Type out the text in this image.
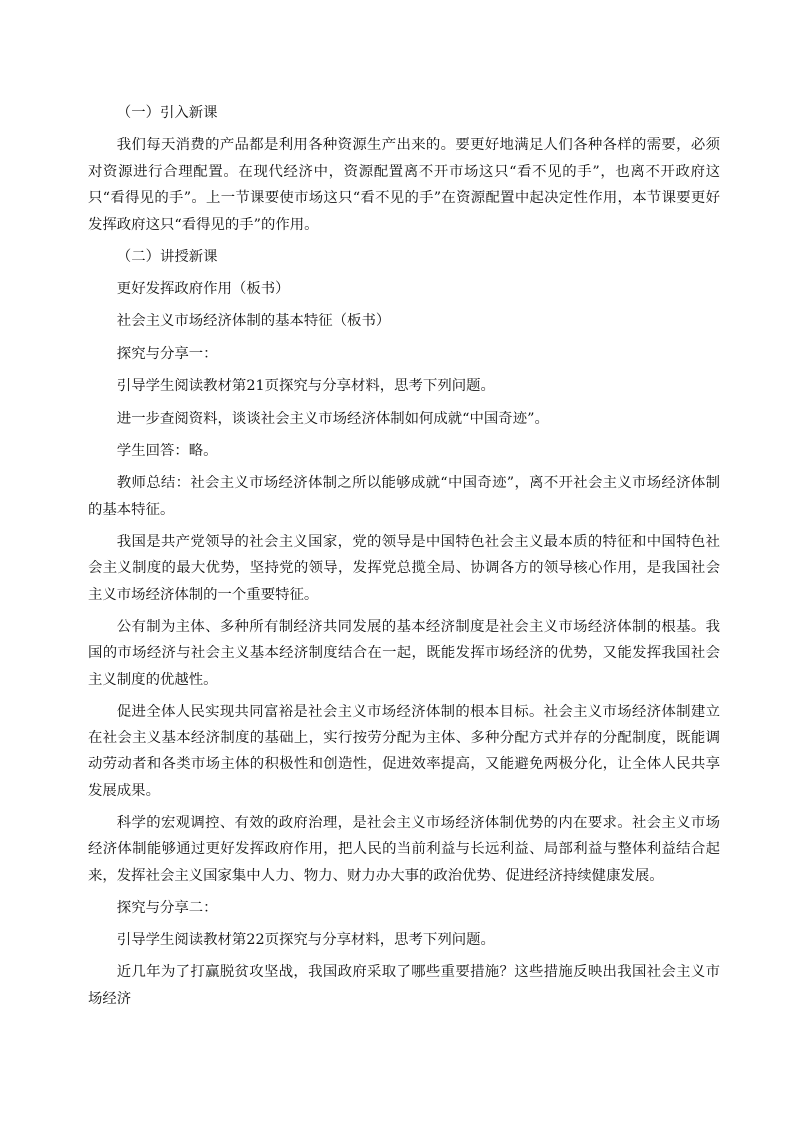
（一）引入新课

我们每天消费的产品都是利用各种资源生产出来的。要更好地满足人们各种各样的需要，必须对资源进行合理配置。在现代经济中，资源配置离不开市场这只“看不见的手”，也离不开政府这只“看得见的手”。上一节课要使市场这只“看不见的手”在资源配置中起决定性作用，本节课要更好发挥政府这只“看得见的手”的作用。

（二）讲授新课

更好发挥政府作用（板书）

社会主义市场经济体制的基本特征（板书）

探究与分享一：

引导学生阅读教材第21页探究与分享材料，思考下列问题。

进一步查阅资料，谈谈社会主义市场经济体制如何成就“中国奇迹”。

学生回答：略。

教师总结：社会主义市场经济体制之所以能够成就“中国奇迹”，离不开社会主义市场经济体制的基本特征。

我国是共产党领导的社会主义国家，党的领导是中国特色社会主义最本质的特征和中国特色社会主义制度的最大优势，坚持党的领导，发挥党总揽全局、协调各方的领导核心作用，是我国社会主义市场经济体制的一个重要特征。

公有制为主体、多种所有制经济共同发展的基本经济制度是社会主义市场经济体制的根基。我国的市场经济与社会主义基本经济制度结合在一起，既能发挥市场经济的优势，又能发挥我国社会主义制度的优越性。

促进全体人民实现共同富裕是社会主义市场经济体制的根本目标。社会主义市场经济体制建立在社会主义基本经济制度的基础上，实行按劳分配为主体、多种分配方式并存的分配制度，既能调动劳动者和各类市场主体的积极性和创造性，促进效率提高，又能避免两极分化，让全体人民共享发展成果。

科学的宏观调控、有效的政府治理，是社会主义市场经济体制优势的内在要求。社会主义市场经济体制能够通过更好发挥政府作用，把人民的当前利益与长远利益、局部利益与整体利益结合起来，发挥社会主义国家集中人力、物力、财力办大事的政治优势、促进经济持续健康发展。

探究与分享二：

引导学生阅读教材第22页探究与分享材料，思考下列问题。

近几年为了打赢脱贫攻坚战，我国政府采取了哪些重要措施？这些措施反映出我国社会主义市场经济
